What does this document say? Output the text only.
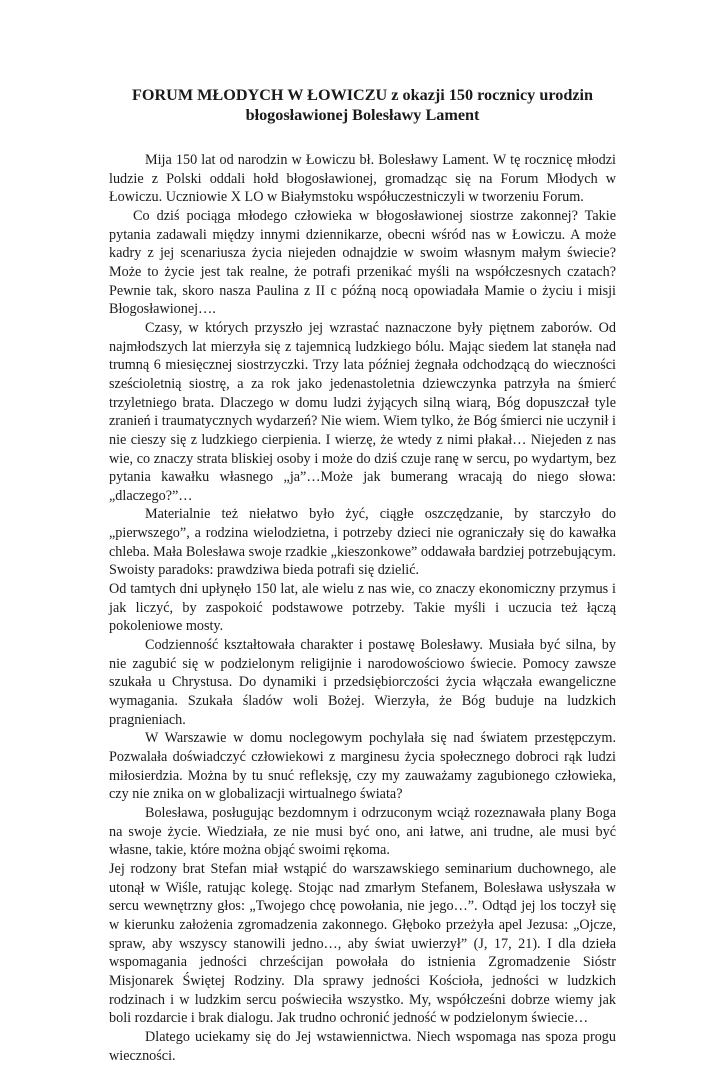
FORUM MŁODYCH W ŁOWICZU z okazji 150 rocznicy urodzin
błogosławionej Bolesławy Lament

Mija 150 lat od narodzin w Łowiczu bł. Bolesławy Lament. W tę rocznicę młodzi ludzie z Polski oddali hołd błogosławionej, gromadząc się na Forum Młodych w Łowiczu. Uczniowie X LO w Białymstoku współuczestniczyli w tworzeniu Forum.

Co dziś pociąga młodego człowieka w błogosławionej siostrze zakonnej? Takie pytania zadawali między innymi dziennikarze, obecni wśród nas w Łowiczu. A może kadry z jej scenariusza życia niejeden odnajdzie w swoim własnym małym świecie? Może to życie jest tak realne, że potrafi przenikać myśli na współczesnych czatach? Pewnie tak, skoro nasza Paulina z II c późną nocą opowiadała Mamie o życiu i misji Błogosławionej….

Czasy, w których przyszło jej wzrastać naznaczone były piętnem zaborów. Od najmłodszych lat mierzyła się z tajemnicą ludzkiego bólu. Mając siedem lat stanęła nad trumną 6 miesięcznej siostrzyczki. Trzy lata później żegnała odchodzącą do wieczności sześcioletnią siostrę, a za rok jako jedenastoletnia dziewczynka patrzyła na śmierć trzyletniego brata. Dlaczego w domu ludzi żyjących silną wiarą, Bóg dopuszczał tyle zranień i traumatycznych wydarzeń? Nie wiem. Wiem tylko, że Bóg śmierci nie uczynił i nie cieszy się z ludzkiego cierpienia. I wierzę, że wtedy z nimi płakał… Niejeden z nas wie, co znaczy strata bliskiej osoby i może do dziś czuje ranę w sercu, po wydartym, bez pytania kawałku własnego „ja”…Może jak bumerang wracają do niego słowa: „dlaczego?”…

Materialnie też niełatwo było żyć, ciągłe oszczędzanie, by starczyło do „pierwszego”, a rodzina wielodzietna, i potrzeby dzieci nie ograniczały się do kawałka chleba. Mała Bolesława swoje rzadkie „kieszonkowe” oddawała bardziej potrzebującym. Swoisty paradoks: prawdziwa bieda potrafi się dzielić.

Od tamtych dni upłynęło 150 lat, ale wielu z nas wie, co znaczy ekonomiczny przymus i jak liczyć, by zaspokoić podstawowe potrzeby. Takie myśli i uczucia też łączą pokoleniowe mosty.

Codzienność kształtowała charakter i postawę Bolesławy. Musiała być silna, by nie zagubić się w podzielonym religijnie i narodowościowo świecie. Pomocy zawsze szukała u Chrystusa. Do dynamiki i przedsiębiorczości życia włączała ewangeliczne wymagania. Szukała śladów woli Bożej. Wierzyła, że Bóg buduje na ludzkich pragnieniach.

W Warszawie w domu noclegowym pochylała się nad światem przestępczym. Pozwalała doświadczyć człowiekowi z marginesu życia społecznego dobroci rąk ludzi miłosierdzia. Można by tu snuć refleksję, czy my zauważamy zagubionego człowieka, czy nie znika on w globalizacji wirtualnego świata?

Bolesława, posługując bezdomnym i odrzuconym wciąż rozeznawała plany Boga na swoje życie. Wiedziała, ze nie musi być ono, ani łatwe, ani trudne, ale musi być własne, takie, które można objąć swoimi rękoma.

Jej rodzony brat Stefan miał wstąpić do warszawskiego seminarium duchownego, ale utonął w Wiśle, ratując kolegę. Stojąc nad zmarłym Stefanem, Bolesława usłyszała w sercu wewnętrzny głos: „Twojego chcę powołania, nie jego…”. Odtąd jej los toczył się w kierunku założenia zgromadzenia zakonnego. Głęboko przeżyła apel Jezusa: „Ojcze, spraw, aby wszyscy stanowili jedno…, aby świat uwierzył” (J, 17, 21). I dla dzieła wspomagania jedności chrześcijan powołała do istnienia Zgromadzenie Sióstr Misjonarek Świętej Rodziny. Dla sprawy jedności Kościoła, jedności w ludzkich rodzinach i w ludzkim sercu poświeciła wszystko. My, współcześni dobrze wiemy jak boli rozdarcie i brak dialogu. Jak trudno ochronić jedność w podzielonym świecie…

Dlatego uciekamy się do Jej wstawiennictwa. Niech wspomaga nas spoza progu wieczności.
